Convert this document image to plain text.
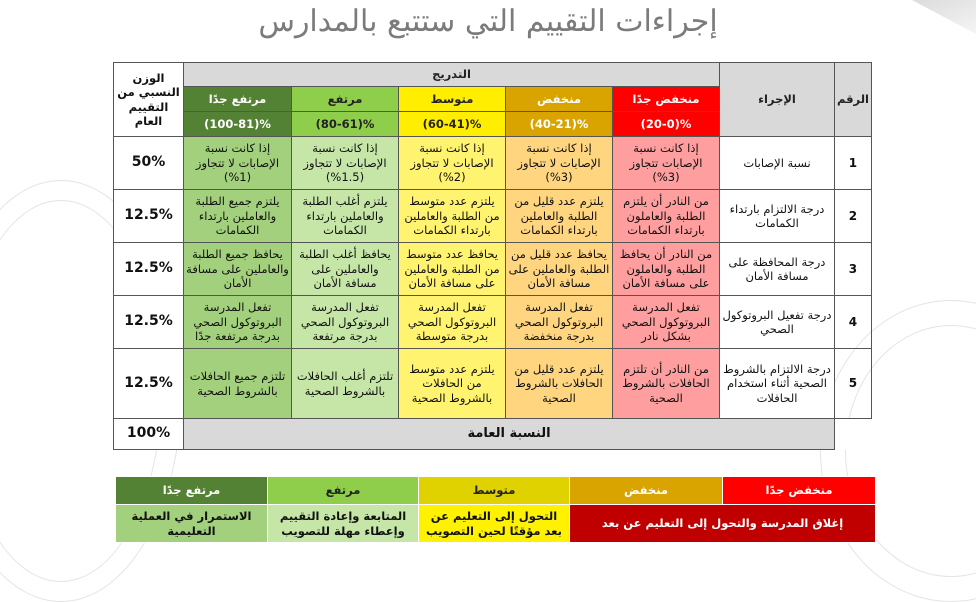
إجراءات التقييم التي ستتبع بالمدارس
الرقم	الإجراء	التدريج					الوزن النسبي من التقييم العام
		منخفض جدًا	منخفض	متوسط	مرتفع	مرتفع جدًا	
		%(20-0)	%(40-21)	%(60-41)	%(80-61)	%(100-81)	
1	نسبة الإصابات	إذا كانت نسبة الإصابات تتجاوز (3%)	إذا كانت نسبة الإصابات لا تتجاوز (3%)	إذا كانت نسبة الإصابات لا تتجاوز (2%)	إذا كانت نسبة الإصابات لا تتجاوز (1.5%)	إذا كانت نسبة الإصابات لا تتجاوز (1%)	50%
2	درجة الالتزام بارتداء الكمامات	من النادر أن يلتزم الطلبة والعاملون بارتداء الكمامات	يلتزم عدد قليل من الطلبة والعاملين بارتداء الكمامات	يلتزم عدد متوسط من الطلبة والعاملين بارتداء الكمامات	يلتزم أغلب الطلبة والعاملين بارتداء الكمامات	يلتزم جميع الطلبة والعاملين بارتداء الكمامات	12.5%
3	درجة المحافظة على مسافة الأمان	من النادر أن يحافظ الطلبة والعاملون على مسافة الأمان	يحافظ عدد قليل من الطلبة والعاملين على مسافة الأمان	يحافظ عدد متوسط من الطلبة والعاملين على مسافة الأمان	يحافظ أغلب الطلبة والعاملين على مسافة الأمان	يحافظ جميع الطلبة والعاملين على مسافة الأمان	12.5%
4	درجة تفعيل البروتوكول الصحي	تفعل المدرسة البروتوكول الصحي بشكل نادر	تفعل المدرسة البروتوكول الصحي بدرجة منخفضة	تفعل المدرسة البروتوكول الصحي بدرجة متوسطة	تفعل المدرسة البروتوكول الصحي بدرجة مرتفعة	تفعل المدرسة البروتوكول الصحي بدرجة مرتفعة جدًا	12.5%
5	درجة الالتزام بالشروط الصحية أثناء استخدام الحافلات	من النادر أن تلتزم الحافلات بالشروط الصحية	يلتزم عدد قليل من الحافلات بالشروط الصحية	يلتزم عدد متوسط من الحافلات بالشروط الصحية	تلتزم أغلب الحافلات بالشروط الصحية	تلتزم جميع الحافلات بالشروط الصحية	12.5%
	النسبة العامة						100%
منخفض جدًا	منخفض	متوسط	مرتفع	مرتفع جدًا
إغلاق المدرسة والتحول إلى التعليم عن بعد		التحول إلى التعليم عن بعد مؤقتًا لحين التصويب	المتابعة وإعادة التقييم وإعطاء مهلة للتصويب	الاستمرار في العملية التعليمية
